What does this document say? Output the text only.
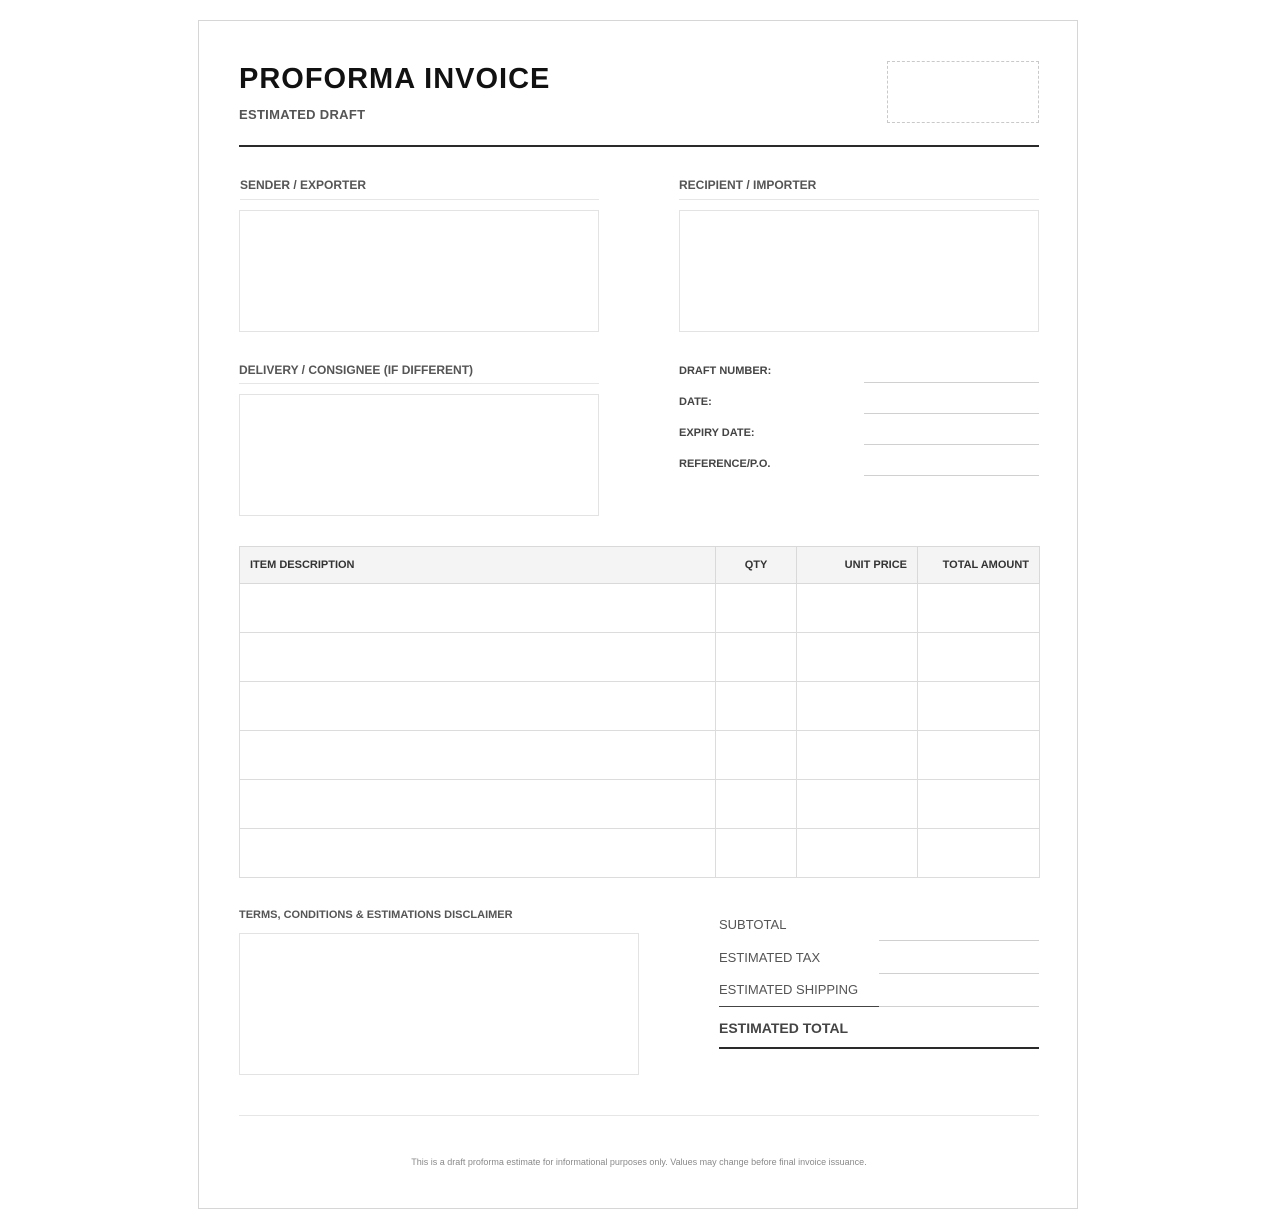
PROFORMA INVOICE
ESTIMATED DRAFT
SENDER / EXPORTER	RECIPIENT / IMPORTER
DELIVERY / CONSIGNEE (IF DIFFERENT)	DRAFT NUMBER:
DATE:
EXPIRY DATE:
REFERENCE/P.O.
ITEM DESCRIPTION	QTY	UNIT PRICE	TOTAL AMOUNT

TERMS, CONDITIONS & ESTIMATIONS DISCLAIMER
SUBTOTAL
ESTIMATED TAX
ESTIMATED SHIPPING
ESTIMATED TOTAL
This is a draft proforma estimate for informational purposes only. Values may change before final invoice issuance.
